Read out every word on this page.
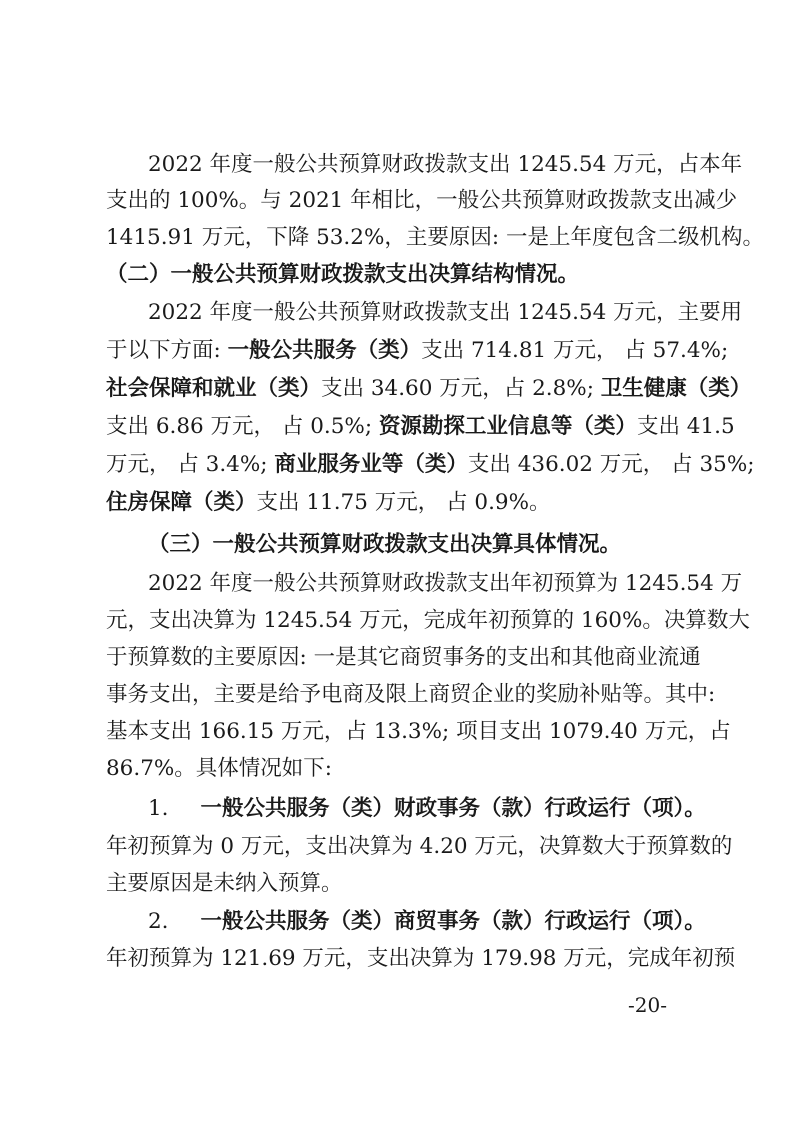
2022 年度一般公共预算财政拨款支出 1245.54 万元，占本年
支出的 100%。与 2021 年相比，一般公共预算财政拨款支出减少
1415.91 万元，下降 53.2%，主要原因: 一是上年度包含二级机构。
（二）一般公共预算财政拨款支出决算结构情况。
2022 年度一般公共预算财政拨款支出 1245.54 万元，主要用
于以下方面: 一般公共服务（类）支出 714.81 万元， 占 57.4%;
社会保障和就业（类）支出 34.60 万元，占 2.8%; 卫生健康（类）
支出 6.86 万元， 占 0.5%; 资源勘探工业信息等（类）支出 41.5
万元， 占 3.4%; 商业服务业等（类）支出 436.02 万元， 占 35%;
住房保障（类）支出 11.75 万元， 占 0.9%。
（三）一般公共预算财政拨款支出决算具体情况。
2022 年度一般公共预算财政拨款支出年初预算为 1245.54 万
元，支出决算为 1245.54 万元，完成年初预算的 160%。决算数大
于预算数的主要原因: 一是其它商贸事务的支出和其他商业流通
事务支出，主要是给予电商及限上商贸企业的奖励补贴等。其中:
基本支出 166.15 万元，占 13.3%; 项目支出 1079.40 万元，占
86.7%。具体情况如下:
1. 一般公共服务（类）财政事务（款）行政运行（项）。
年初预算为 0 万元，支出决算为 4.20 万元，决算数大于预算数的
主要原因是未纳入预算。
2. 一般公共服务（类）商贸事务（款）行政运行（项）。
年初预算为 121.69 万元，支出决算为 179.98 万元，完成年初预
-20-
